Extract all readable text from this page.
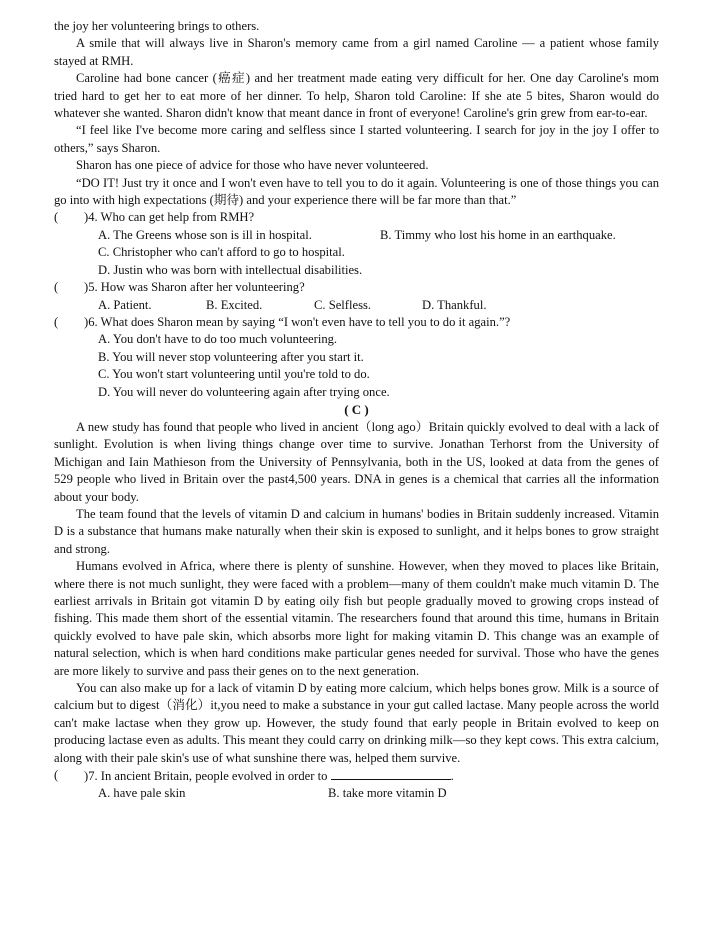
the joy her volunteering brings to others.

A smile that will always live in Sharon's memory came from a girl named Caroline — a patient whose family stayed at RMH.

Caroline had bone cancer (癌症) and her treatment made eating very difficult for her. One day Caroline's mom tried hard to get her to eat more of her dinner. To help, Sharon told Caroline: If she ate 5 bites, Sharon would do whatever she wanted. Sharon didn't know that meant dance in front of everyone! Caroline's grin grew from ear-to-ear.

“I feel like I've become more caring and selfless since I started volunteering. I search for joy in the joy I offer to others,” says Sharon.

Sharon has one piece of advice for those who have never volunteered.

“DO IT! Just try it once and I won't even have to tell you to do it again. Volunteering is one of those things you can go into with high expectations (期待) and your experience there will be far more than that.”

( )4. Who can get help from RMH?
A. The Greens whose son is ill in hospital.	B. Timmy who lost his home in an earthquake.

C. Christopher who can't afford to go to hospital.

D. Justin who was born with intellectual disabilities.

( )5. How was Sharon after her volunteering?
A. Patient.	B. Excited.	C. Selfless.	D. Thankful.
( )6. What does Sharon mean by saying “I won't even have to tell you to do it again.”?

A. You don't have to do too much volunteering.

B. You will never stop volunteering after you start it.

C. You won't start volunteering until you're told to do.

D. You will never do volunteering again after trying once.

( C )

A new study has found that people who lived in ancient（long ago）Britain quickly evolved to deal with a lack of sunlight. Evolution is when living things change over time to survive. Jonathan Terhorst from the University of Michigan and Iain Mathieson from the University of Pennsylvania, both in the US, looked at data from the genes of 529 people who lived in Britain over the past4,500 years. DNA in genes is a chemical that carries all the information about your body.

The team found that the levels of vitamin D and calcium in humans' bodies in Britain suddenly increased. Vitamin D is a substance that humans make naturally when their skin is exposed to sunlight, and it helps bones to grow straight and strong.

Humans evolved in Africa, where there is plenty of sunshine. However, when they moved to places like Britain, where there is not much sunlight, they were faced with a problem—many of them couldn't make much vitamin D. The earliest arrivals in Britain got vitamin D by eating oily fish but people gradually moved to growing crops instead of fishing. This made them short of the essential vitamin. The researchers found that around this time, humans in Britain quickly evolved to have pale skin, which absorbs more light for making vitamin D. This change was an example of natural selection, which is when hard conditions make particular genes needed for survival. Those who have the genes are more likely to survive and pass their genes on to the next generation.

You can also make up for a lack of vitamin D by eating more calcium, which helps bones grow. Milk is a source of calcium but to digest（消化）it,you need to make a substance in your gut called lactase. Many people across the world can't make lactase when they grow up. However, the study found that early people in Britain evolved to keep on producing lactase even as adults. This meant they could carry on drinking milk—so they kept cows. This extra calcium, along with their pale skin's use of what sunshine there was, helped them survive.

( )7. In ancient Britain, people evolved in order to	.
A. have pale skin	B. take more vitamin D
